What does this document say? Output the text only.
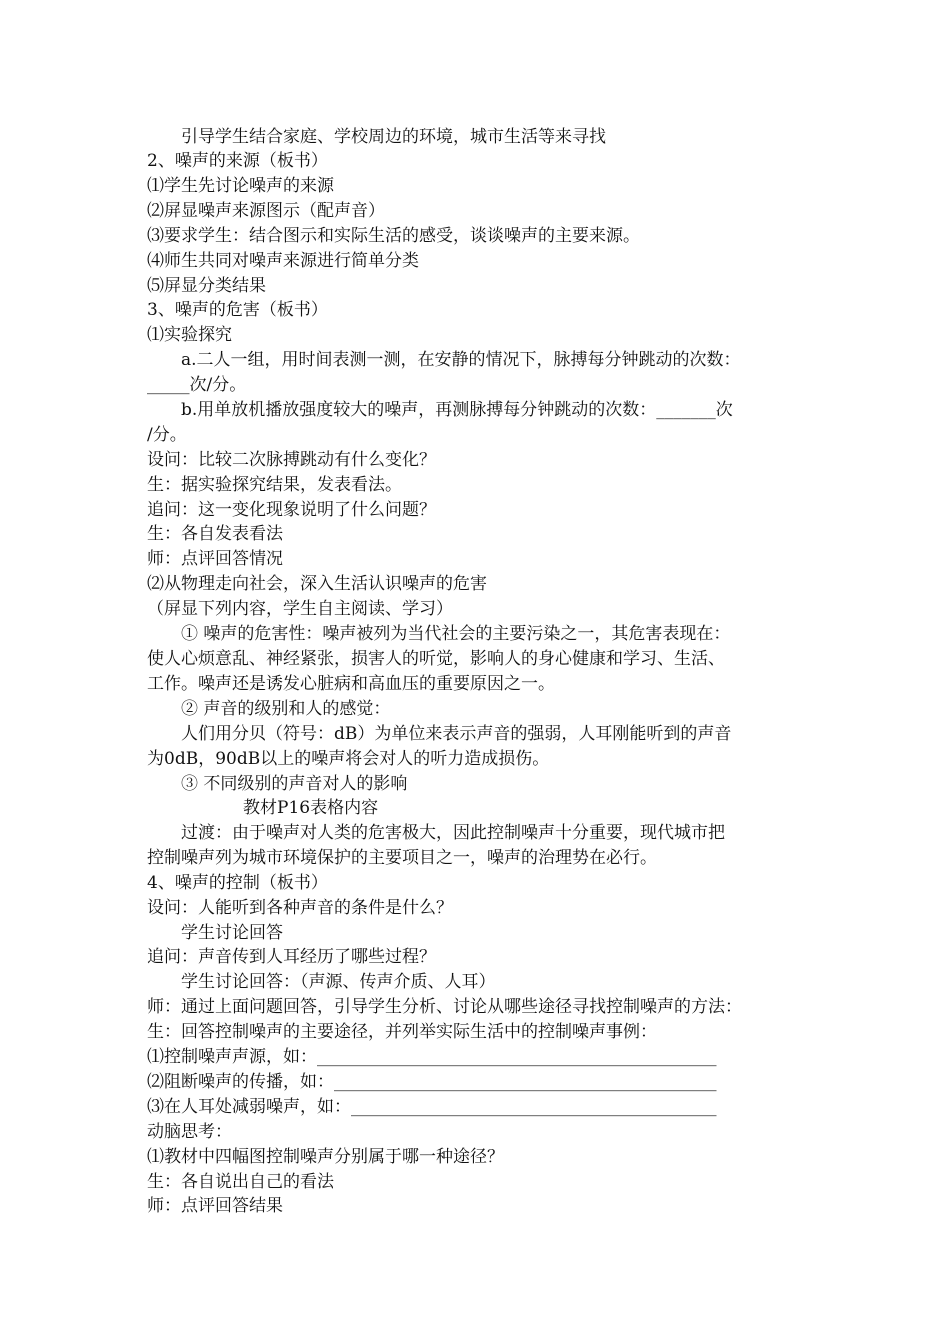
引导学生结合家庭、学校周边的环境，城市生活等来寻找
2、噪声的来源（板书）
⑴学生先讨论噪声的来源
⑵屏显噪声来源图示（配声音）
⑶要求学生：结合图示和实际生活的感受，谈谈噪声的主要来源。
⑷师生共同对噪声来源进行简单分类
⑸屏显分类结果
3、噪声的危害（板书）
⑴实验探究
a.二人一组，用时间表测一测，在安静的情况下，脉搏每分钟跳动的次数：
_____次/分。
b.用单放机播放强度较大的噪声，再测脉搏每分钟跳动的次数：_______次
/分。
设问：比较二次脉搏跳动有什么变化？
生：据实验探究结果，发表看法。
追问：这一变化现象说明了什么问题？
生：各自发表看法
师：点评回答情况
⑵从物理走向社会，深入生活认识噪声的危害
（屏显下列内容，学生自主阅读、学习）
① 噪声的危害性：噪声被列为当代社会的主要污染之一，其危害表现在：
使人心烦意乱、神经紧张，损害人的听觉，影响人的身心健康和学习、生活、
工作。噪声还是诱发心脏病和高血压的重要原因之一。
② 声音的级别和人的感觉：
人们用分贝（符号：dB）为单位来表示声音的强弱，人耳刚能听到的声音
为0dB，90dB以上的噪声将会对人的听力造成损伤。
③ 不同级别的声音对人的影响
教材P16表格内容
过渡：由于噪声对人类的危害极大，因此控制噪声十分重要，现代城市把
控制噪声列为城市环境保护的主要项目之一，噪声的治理势在必行。
4、噪声的控制（板书）
设问：人能听到各种声音的条件是什么？
学生讨论回答
追问：声音传到人耳经历了哪些过程？
学生讨论回答：（声源、传声介质、人耳）
师：通过上面问题回答，引导学生分析、讨论从哪些途径寻找控制噪声的方法：
生：回答控制噪声的主要途径，并列举实际生活中的控制噪声事例：
⑴控制噪声声源，如：_______________________________________________
⑵阻断噪声的传播，如：_____________________________________________
⑶在人耳处减弱噪声，如：___________________________________________
动脑思考：
⑴教材中四幅图控制噪声分别属于哪一种途径？
生：各自说出自己的看法
师：点评回答结果
